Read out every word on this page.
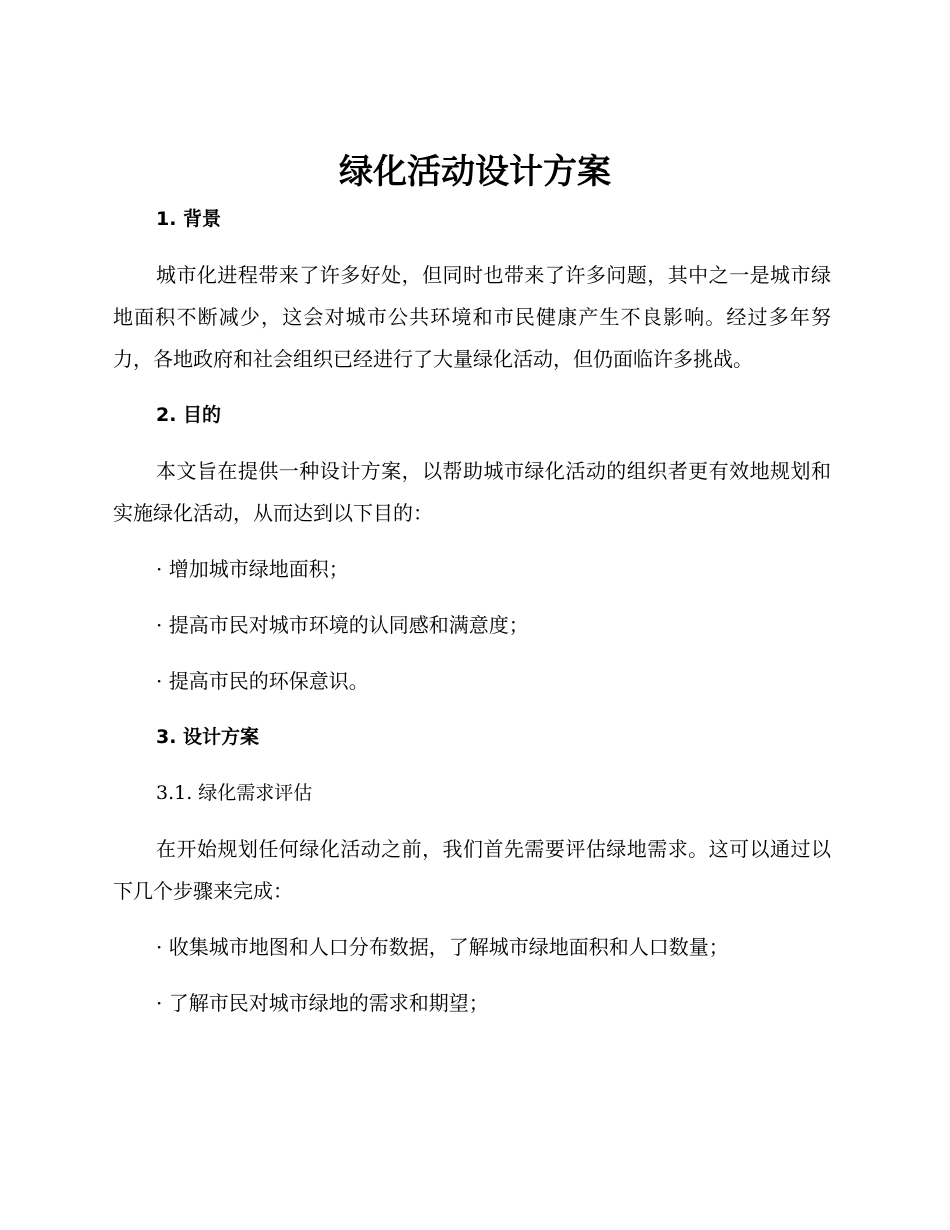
绿化活动设计方案

1. 背景

城市化进程带来了许多好处，但同时也带来了许多问题，其中之一是城市绿地面积不断减少，这会对城市公共环境和市民健康产生不良影响。经过多年努力，各地政府和社会组织已经进行了大量绿化活动，但仍面临许多挑战。

2. 目的

本文旨在提供一种设计方案，以帮助城市绿化活动的组织者更有效地规划和实施绿化活动，从而达到以下目的：

· 增加城市绿地面积；

· 提高市民对城市环境的认同感和满意度；

· 提高市民的环保意识。

3. 设计方案

3.1. 绿化需求评估

在开始规划任何绿化活动之前，我们首先需要评估绿地需求。这可以通过以下几个步骤来完成：

· 收集城市地图和人口分布数据，了解城市绿地面积和人口数量；

· 了解市民对城市绿地的需求和期望；
